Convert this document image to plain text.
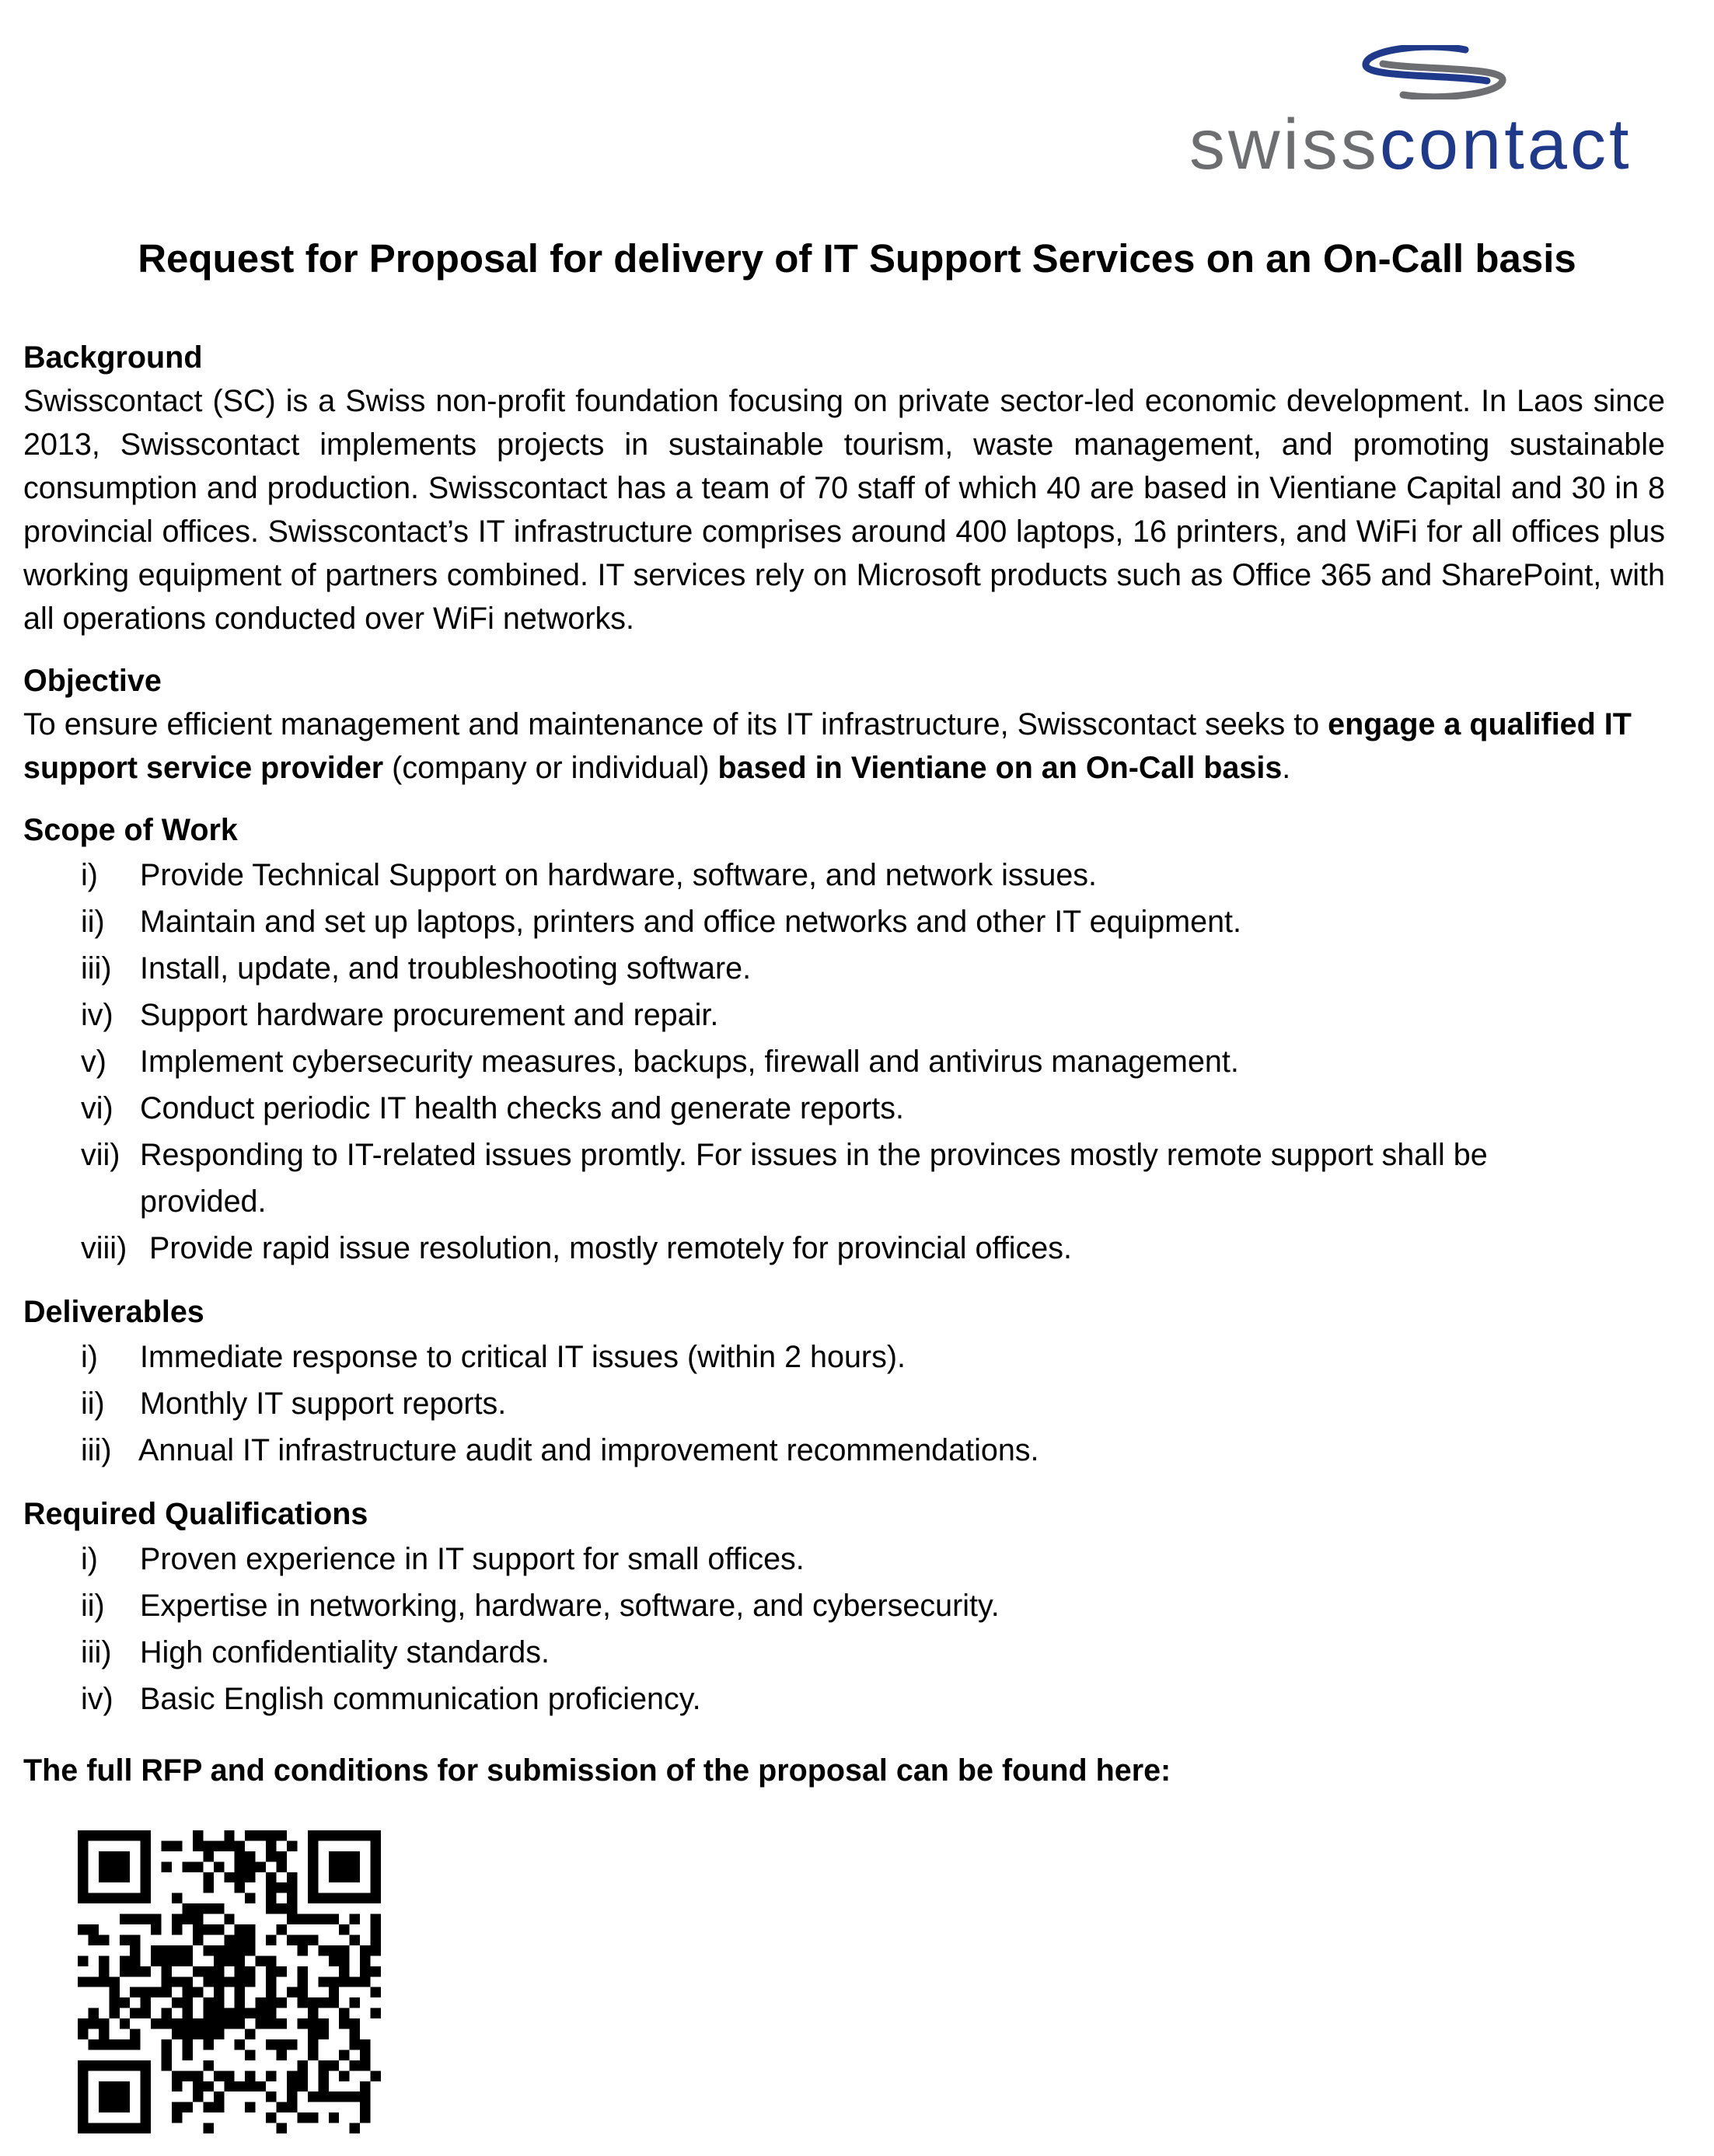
swisscontact
Request for Proposal for delivery of IT Support Services on an On-Call basis
Background

Swisscontact (SC) is a Swiss non-profit foundation focusing on private sector-led economic development. In Laos since 2013, Swisscontact implements projects in sustainable tourism, waste management, and promoting sustainable consumption and production. Swisscontact has a team of 70 staff of which 40 are based in Vientiane Capital and 30 in 8 provincial offices. Swisscontact’s IT infrastructure comprises around 400 laptops, 16 printers, and WiFi for all offices plus working equipment of partners combined. IT services rely on Microsoft products such as Office 365 and SharePoint, with all operations conducted over WiFi networks.

Objective

To ensure efficient management and maintenance of its IT infrastructure, Swisscontact seeks to engage a qualified IT support service provider (company or individual) based in Vientiane on an On-Call basis.

Scope of Work
i) Provide Technical Support on hardware, software, and network issues.
ii) Maintain and set up laptops, printers and office networks and other IT equipment.
iii) Install, update, and troubleshooting software.
iv) Support hardware procurement and repair.
v) Implement cybersecurity measures, backups, firewall and antivirus management.
vi) Conduct periodic IT health checks and generate reports.
vii) Responding to IT-related issues promtly. For issues in the provinces mostly remote support shall be provided.
viii) Provide rapid issue resolution, mostly remotely for provincial offices.
Deliverables
i) Immediate response to critical IT issues (within 2 hours).
ii) Monthly IT support reports.
iii) Annual IT infrastructure audit and improvement recommendations.
Required Qualifications
i) Proven experience in IT support for small offices.
ii) Expertise in networking, hardware, software, and cybersecurity.
iii) High confidentiality standards.
iv) Basic English communication proficiency.

The full RFP and conditions for submission of the proposal can be found here:
